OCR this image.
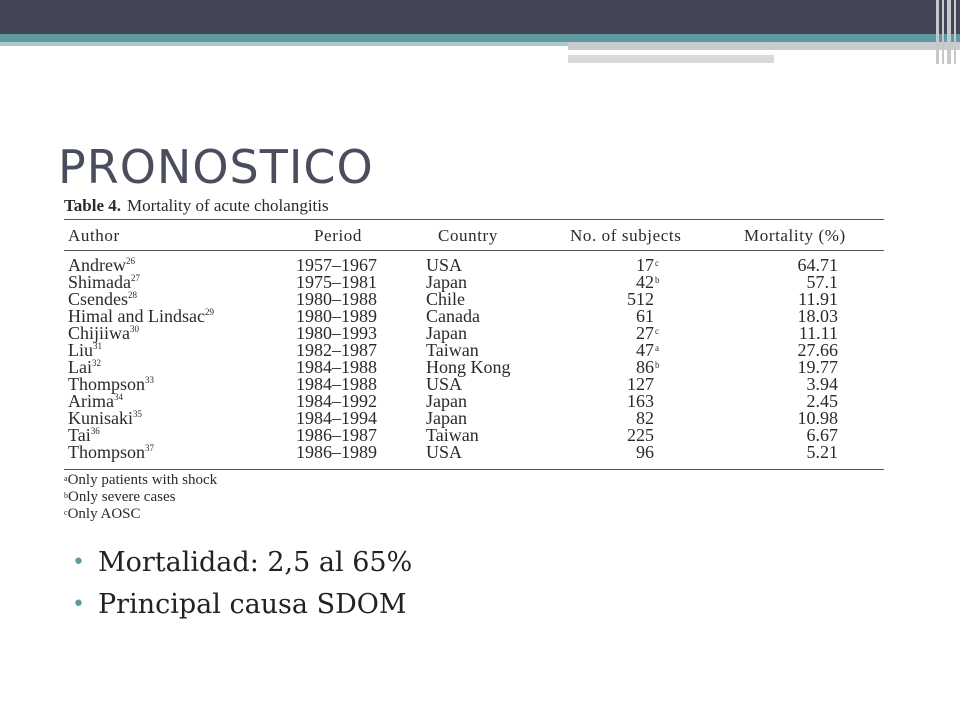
PRONOSTICO
Table 4. Mortality of acute cholangitis
Author	Period	Country	No. of subjects	Mortality (%)
Andrew$^{26}$	1957–1967	USA	17 c	64.71
Shimada$^{27}$	1975–1981	Japan	42 b	57.1
Csendes$^{28}$	1980–1988	Chile	512	11.91
Himal and Lindsac$^{29}$	1980–1989	Canada	61	18.03
Chijiiwa$^{30}$	1980–1993	Japan	27 c	11.11
Liu$^{31}$	1982–1987	Taiwan	47 a	27.66
Lai$^{32}$	1984–1988	Hong Kong	86 b	19.77
Thompson$^{33}$	1984–1988	USA	127	3.94
Arima$^{34}$	1984–1992	Japan	163	2.45
Kunisaki$^{35}$	1984–1994	Japan	82	10.98
Tai$^{36}$	1986–1987	Taiwan	225	6.67
Thompson$^{37}$	1986–1989	USA	96	5.21
$^a$Only patients with shock
$^b$Only severe cases
$^c$Only AOSC
• Mortalidad: 2,5 al 65%
• Principal causa SDOM
